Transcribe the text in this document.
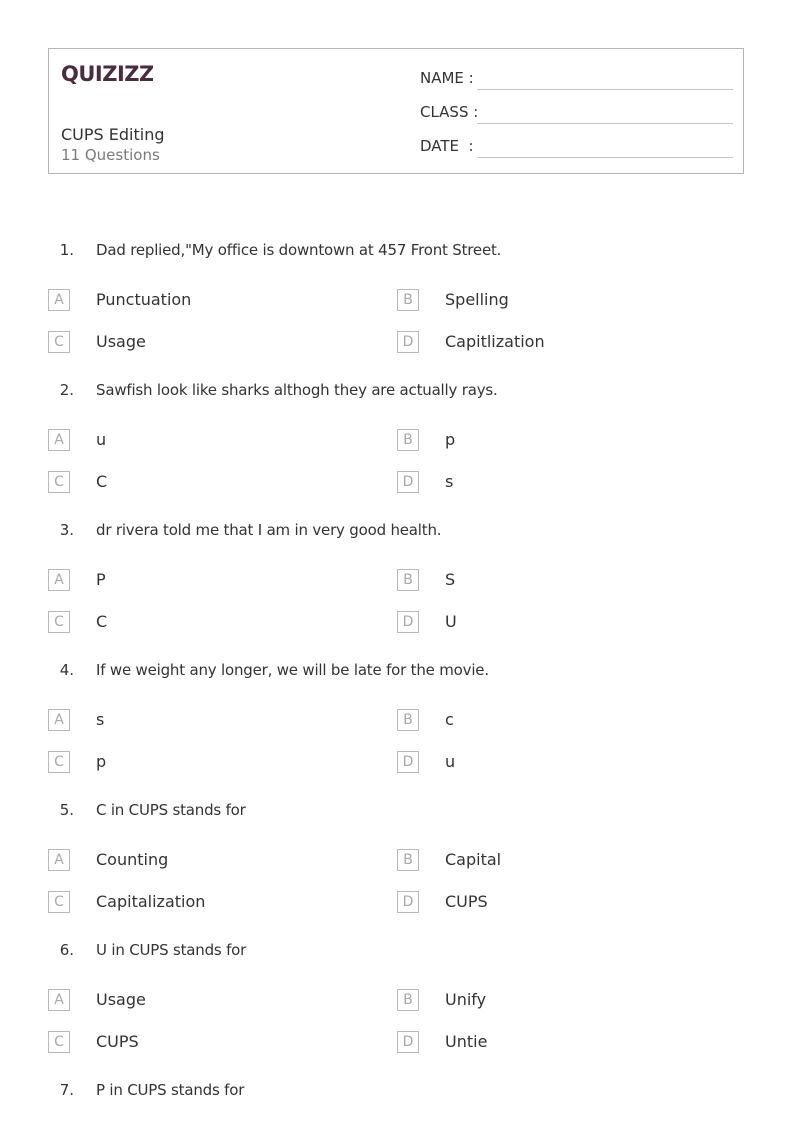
QUIZIZZ
CUPS Editing
11 Questions
NAME :
CLASS :
DATE  :
1. Dad replied,"My office is downtown at 457 Front Street.
A	Punctuation	B	Spelling
C	Usage	D	Capitlization
2. Sawfish look like sharks althogh they are actually rays.
A	u	B	p
C	C	D	s
3. dr rivera told me that I am in very good health.
A	P	B	S
C	C	D	U
4. If we weight any longer, we will be late for the movie.
A	s	B	c
C	p	D	u
5. C in CUPS stands for
A	Counting	B	Capital
C	Capitalization	D	CUPS
6. U in CUPS stands for
A	Usage	B	Unify
C	CUPS	D	Untie
7. P in CUPS stands for
